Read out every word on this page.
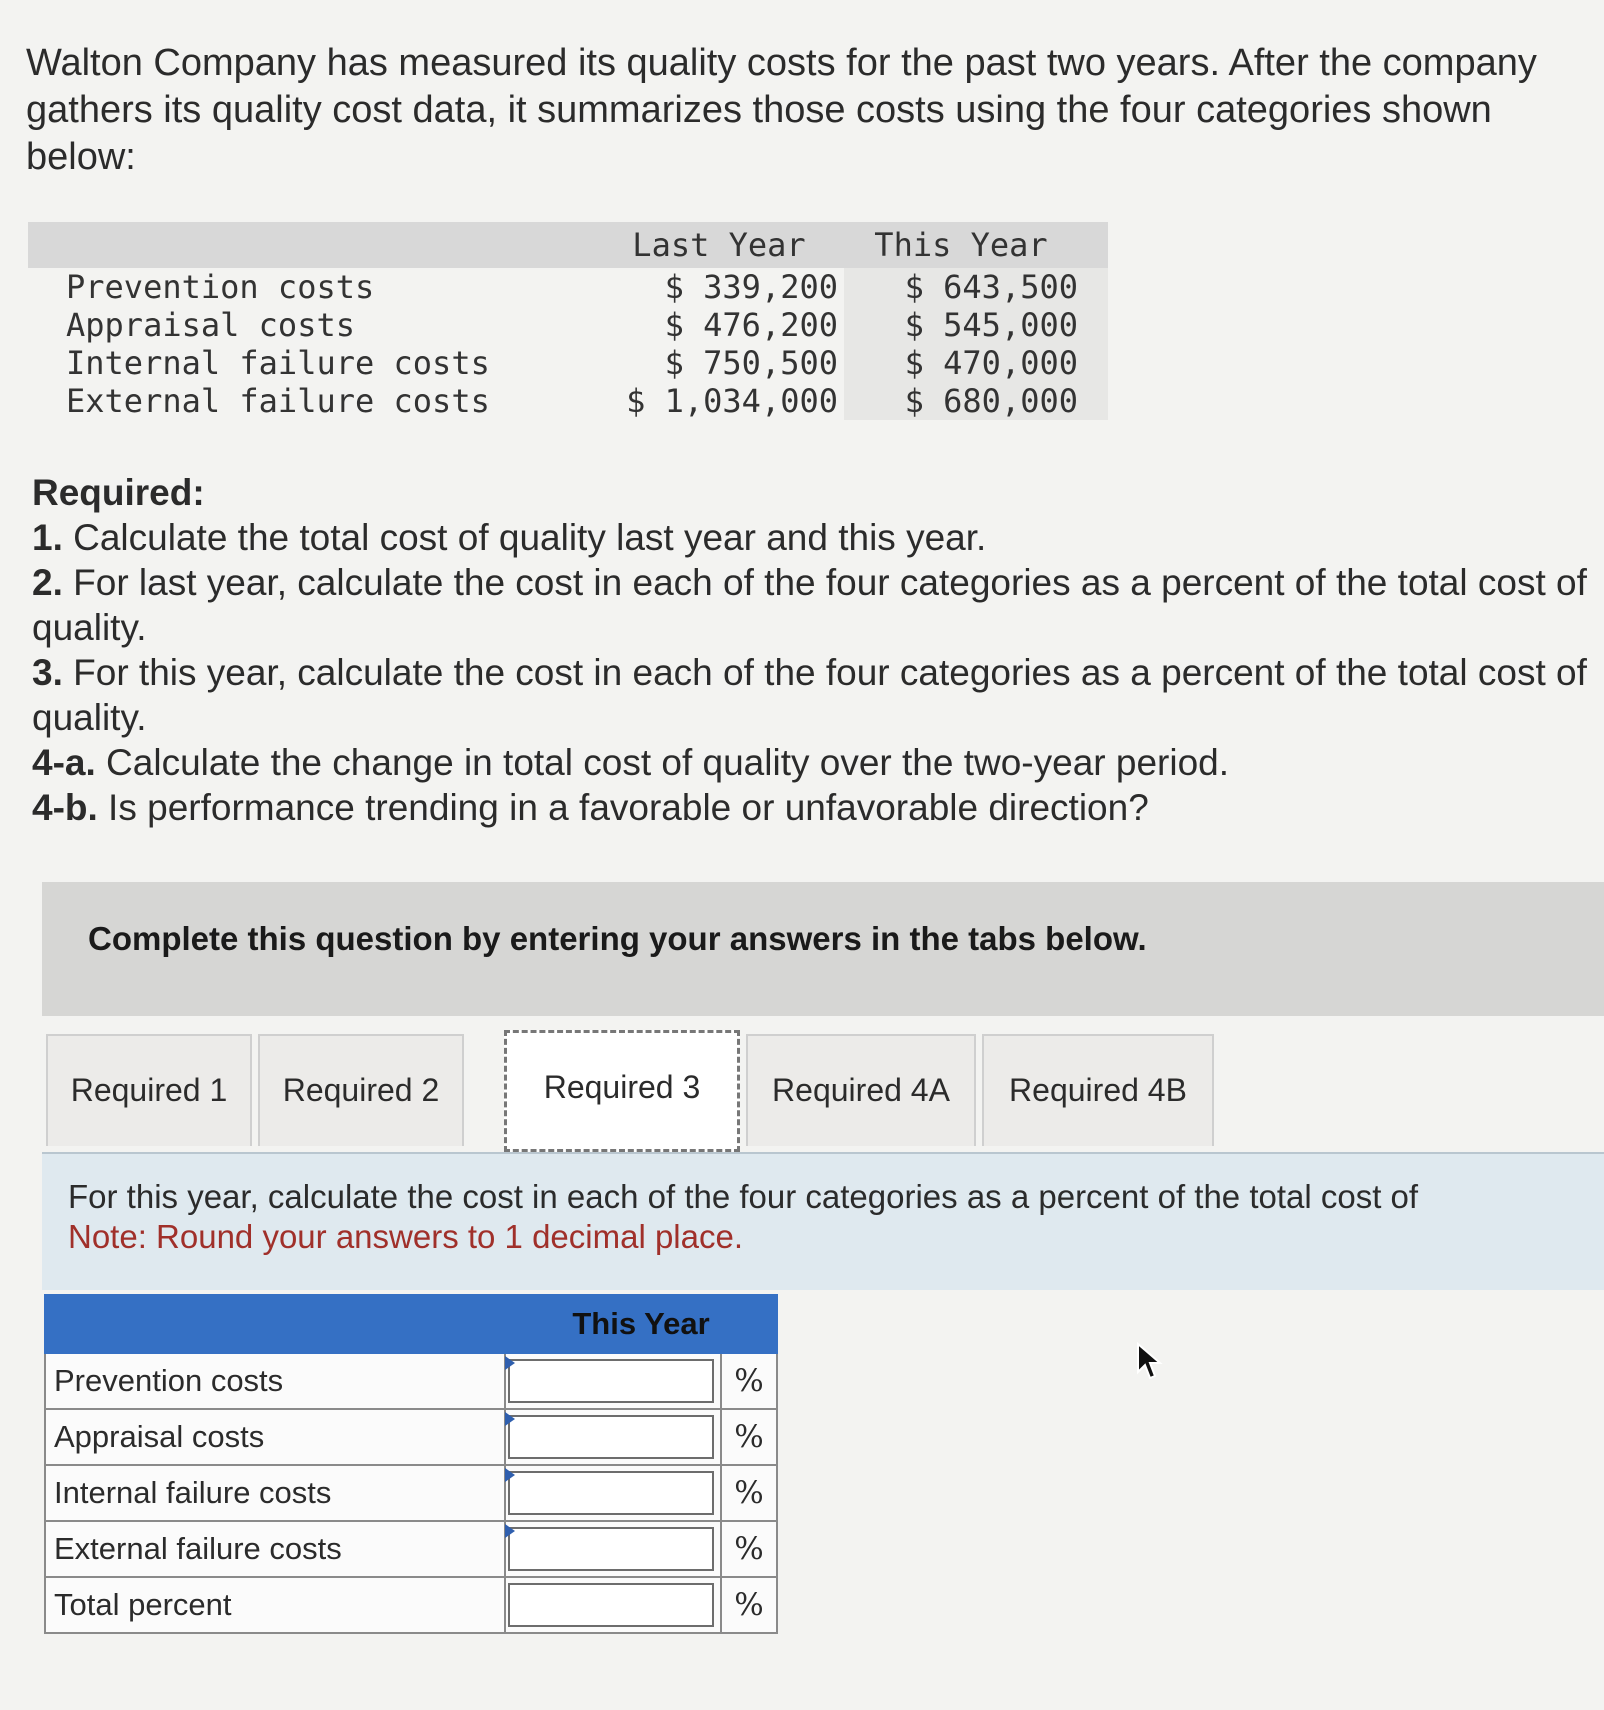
Walton Company has measured its quality costs for the past two years. After the company gathers its quality cost data, it summarizes those costs using the four categories shown below:

	Last Year	This Year
Prevention costs	$ 339,200	$ 643,500
Appraisal costs	$ 476,200	$ 545,000
Internal failure costs	$ 750,500	$ 470,000
External failure costs	$ 1,034,000	$ 680,000
Required:
1. Calculate the total cost of quality last year and this year.
2. For last year, calculate the cost in each of the four categories as a percent of the total cost of quality.
3. For this year, calculate the cost in each of the four categories as a percent of the total cost of quality.
4-a. Calculate the change in total cost of quality over the two-year period.
4-b. Is performance trending in a favorable or unfavorable direction?
Complete this question by entering your answers in the tabs below.
Required 1	Required 2	Required 3	Required 4A	Required 4B
For this year, calculate the cost in each of the four categories as a percent of the total cost of
Note: Round your answers to 1 decimal place.
	This Year	
Prevention costs		%
Appraisal costs		%
Internal failure costs		%
External failure costs		%
Total percent		%
